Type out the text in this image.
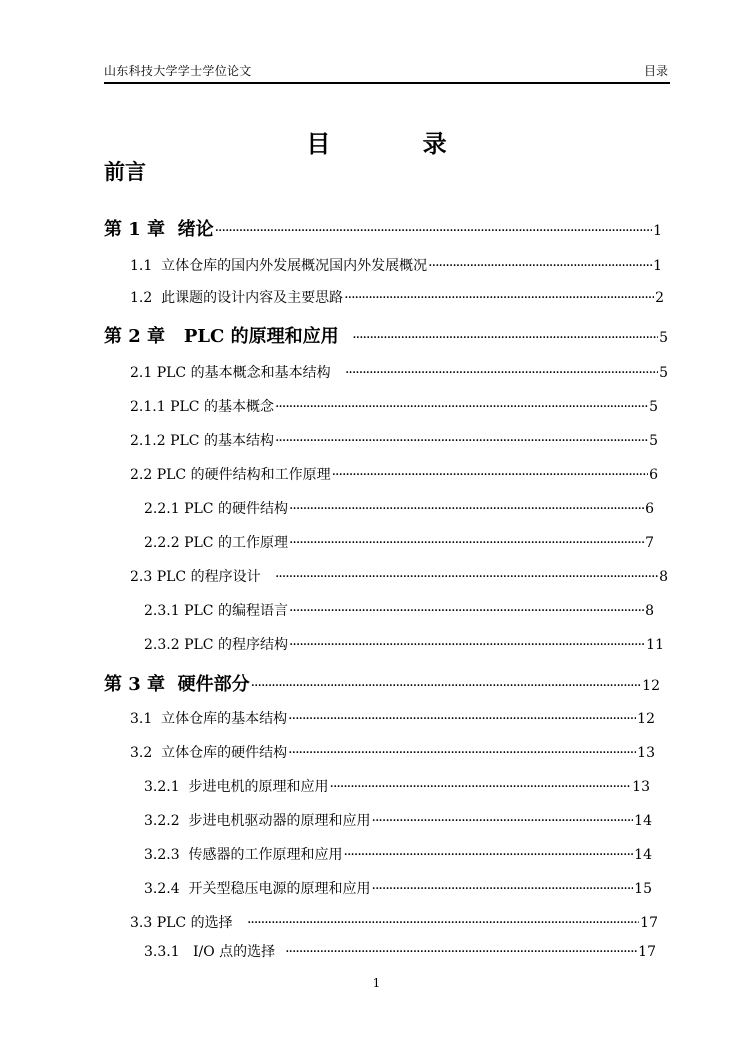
山东科技大学学士学位论文	目录
目 录
前言
第 1 章 绪论 ·····	1
1.1 立体仓库的国内外发展概况国内外发展概况 ·····	1
1.2 此课题的设计内容及主要思路 ·····	2
第 2 章 PLC 的原理和应用 ·····	5
2.1 PLC 的基本概念和基本结构 ·····	5
2.1.1 PLC 的基本概念 ·····	5
2.1.2 PLC 的基本结构 ·····	5
2.2 PLC 的硬件结构和工作原理 ·····	6
2.2.1 PLC 的硬件结构 ·····	6
2.2.2 PLC 的工作原理 ·····	7
2.3 PLC 的程序设计 ·····	8
2.3.1 PLC 的编程语言 ·····	8
2.3.2 PLC 的程序结构 ·····	11
第 3 章 硬件部分 ·····	12
3.1 立体仓库的基本结构 ·····	12
3.2 立体仓库的硬件结构 ·····	13
3.2.1 步进电机的原理和应用 ·····	13
3.2.2 步进电机驱动器的原理和应用 ·····	14
3.2.3 传感器的工作原理和应用 ·····	14
3.2.4 开关型稳压电源的原理和应用 ·····	15
3.3 PLC 的选择 ·····	17
3.3.1 I/O 点的选择 ·····	17
1
